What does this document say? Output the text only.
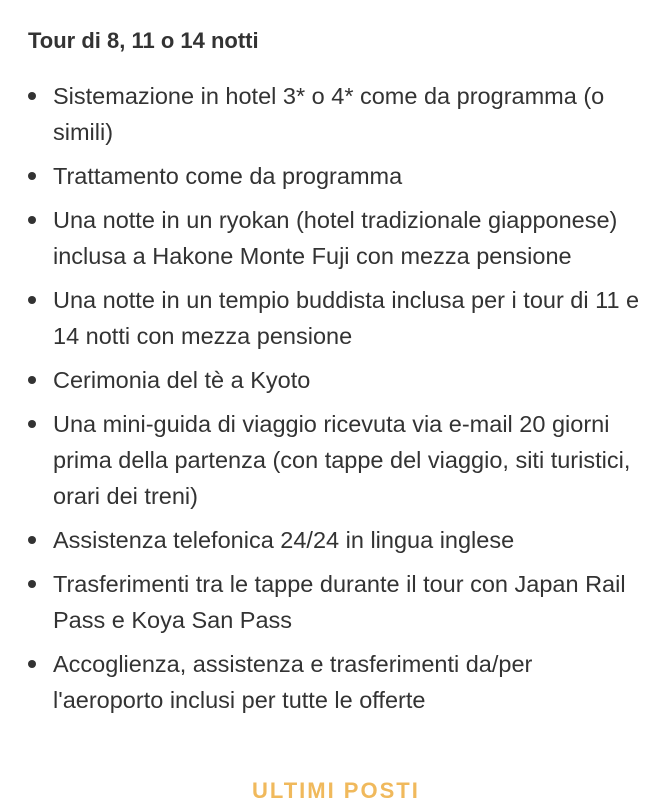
Tour di 8, 11 o 14 notti
Sistemazione in hotel 3* o 4* come da programma (o simili)
Trattamento come da programma
Una notte in un ryokan (hotel tradizionale giapponese) inclusa a Hakone Monte Fuji con mezza pensione
Una notte in un tempio buddista inclusa per i tour di 11 e 14 notti con mezza pensione
Cerimonia del tè a Kyoto
Una mini-guida di viaggio ricevuta via e-mail 20 giorni prima della partenza (con tappe del viaggio, siti turistici, orari dei treni)
Assistenza telefonica 24/24 in lingua inglese
Trasferimenti tra le tappe durante il tour con Japan Rail Pass e Koya San Pass
Accoglienza, assistenza e trasferimenti da/per l'aeroporto inclusi per tutte le offerte
ULTIMI POSTI
